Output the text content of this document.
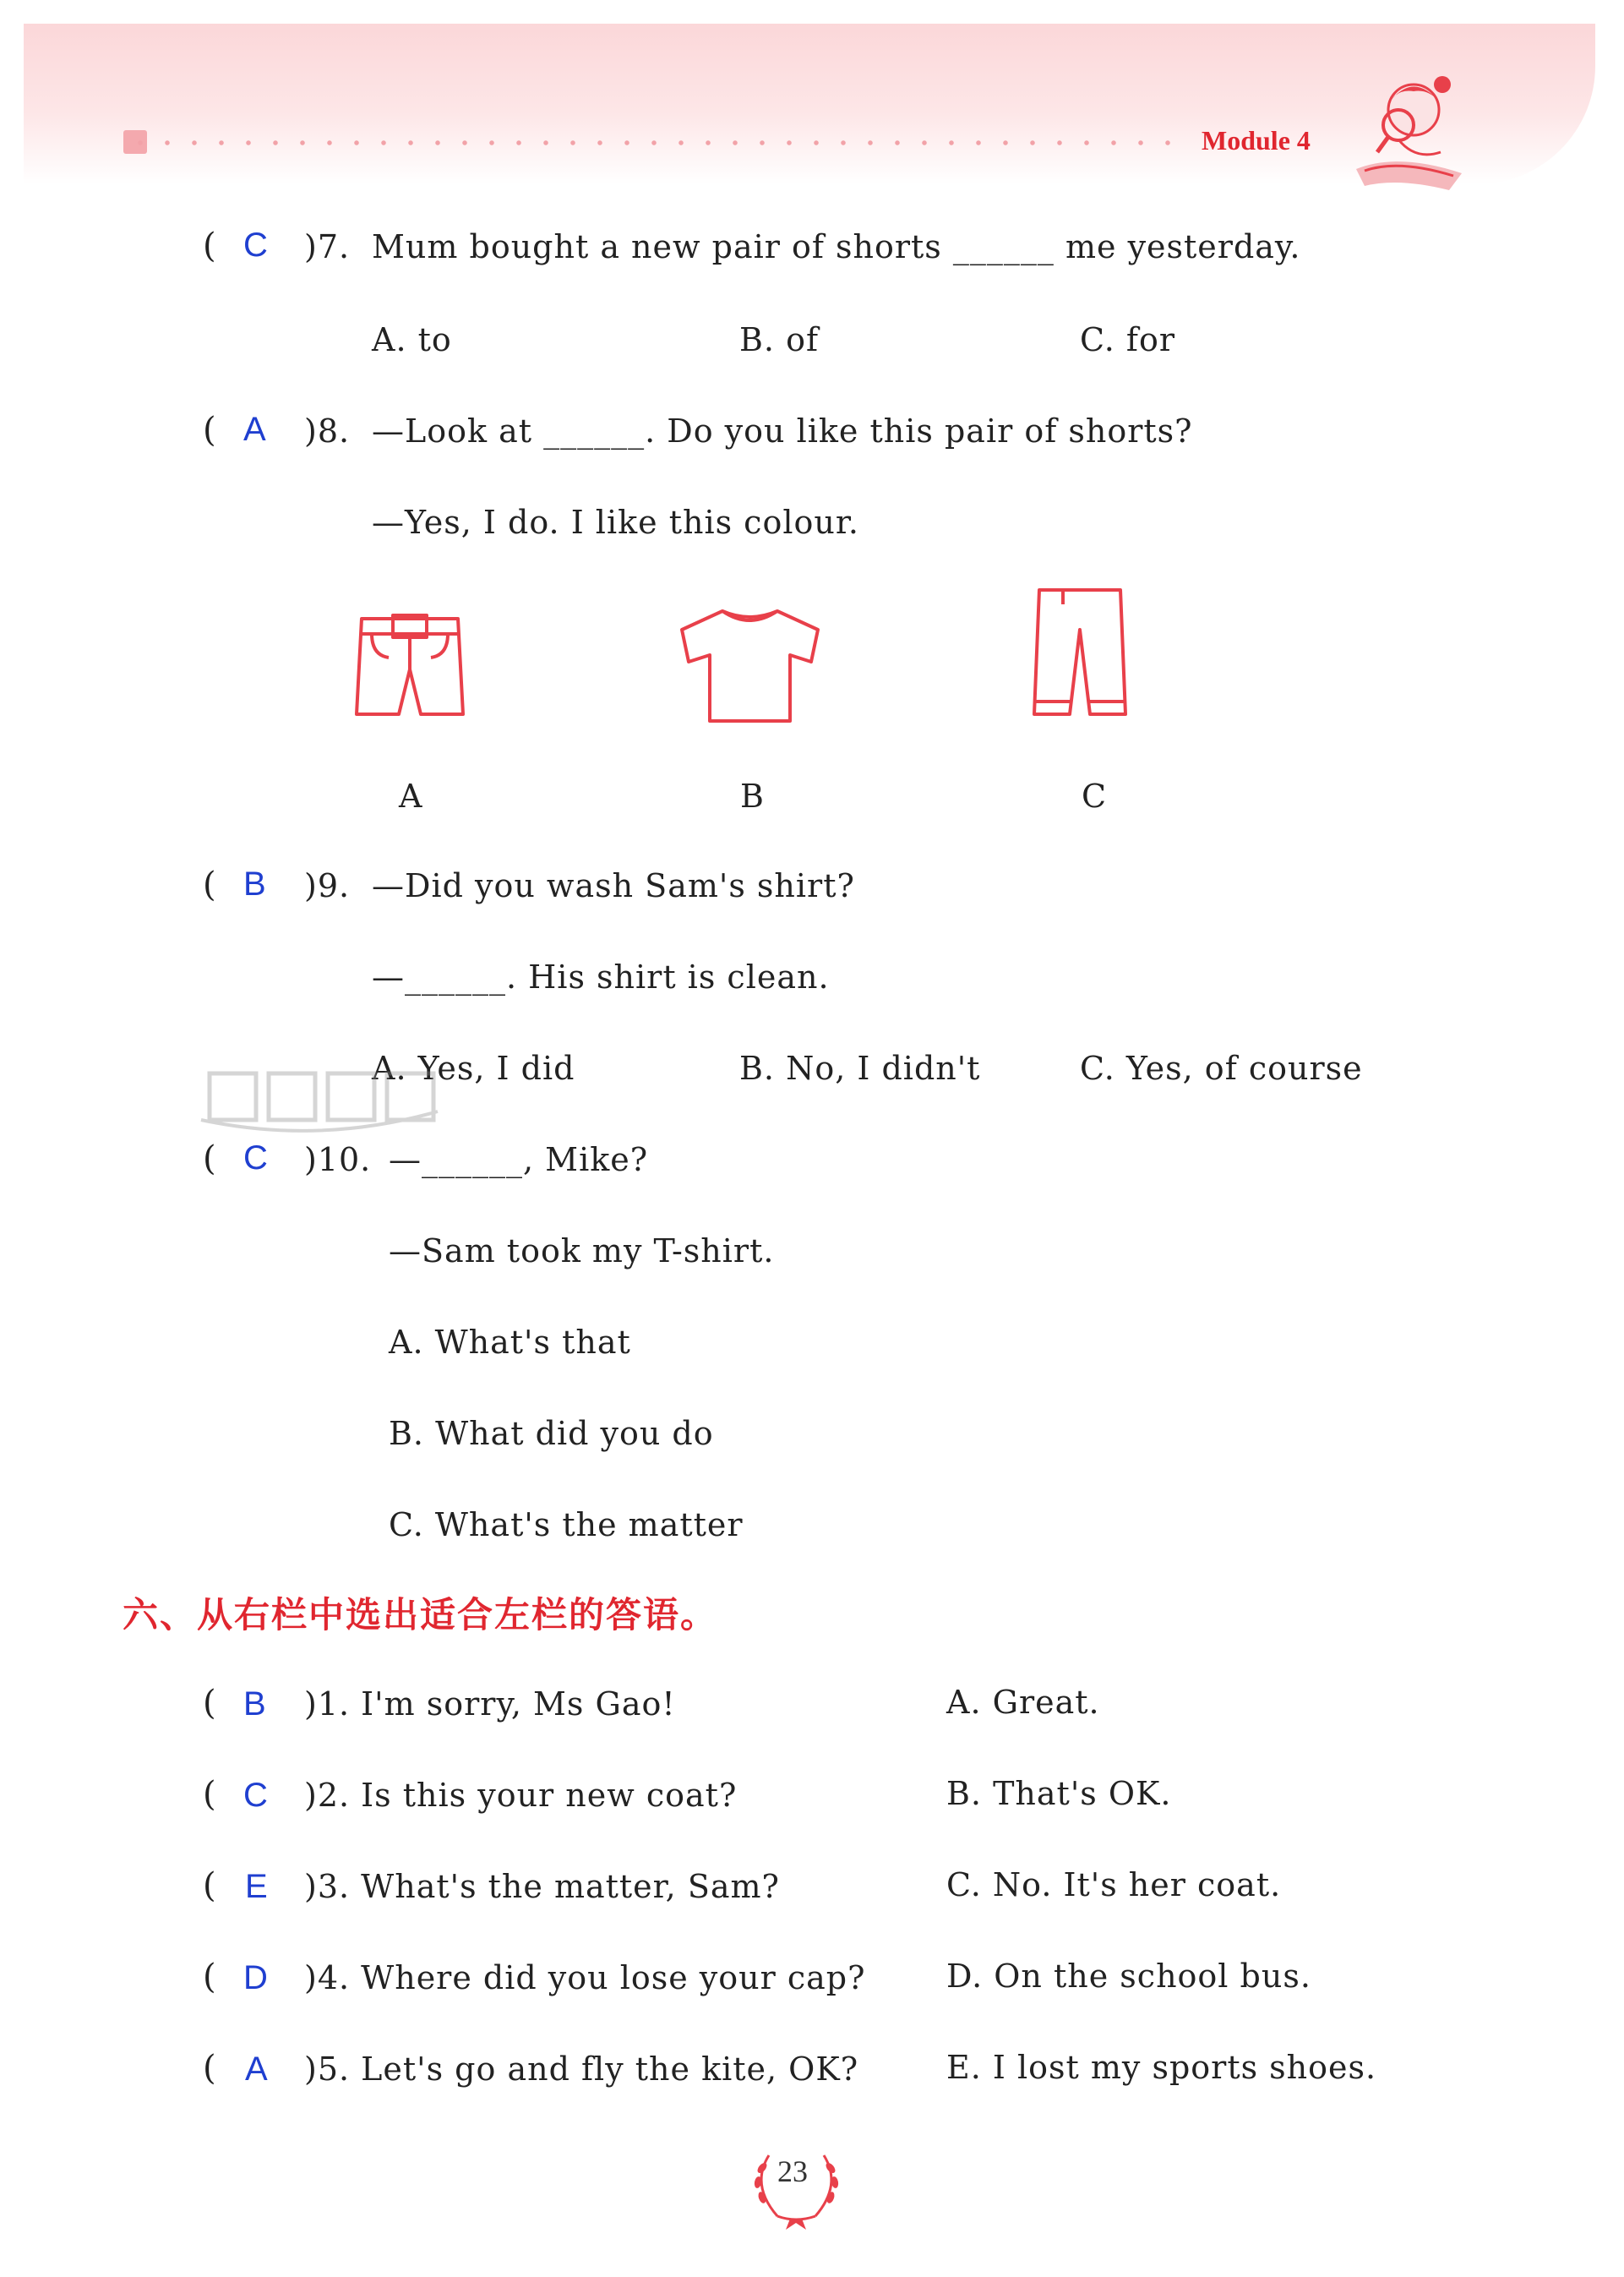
Module 4
( C )7. Mum bought a new pair of shorts ______ me yesterday.
A. to	B. of	C. for
( A )8. —Look at ______. Do you like this pair of shorts?
—Yes, I do. I like this colour.
A	B	C
( B )9. —Did you wash Sam's shirt?
—______. His shirt is clean.
A. Yes, I did	B. No, I didn't	C. Yes, of course
( C )10. —______, Mike?
—Sam took my T-shirt.
A. What's that
B. What did you do
C. What's the matter
六、从右栏中选出适合左栏的答语。
( B )1. I'm sorry, Ms Gao!	A. Great.
( C )2. Is this your new coat?	B. That's OK.
( E )3. What's the matter, Sam?	C. No. It's her coat.
( D )4. Where did you lose your cap?	D. On the school bus.
( A )5. Let's go and fly the kite, OK?	E. I lost my sports shoes.
23
